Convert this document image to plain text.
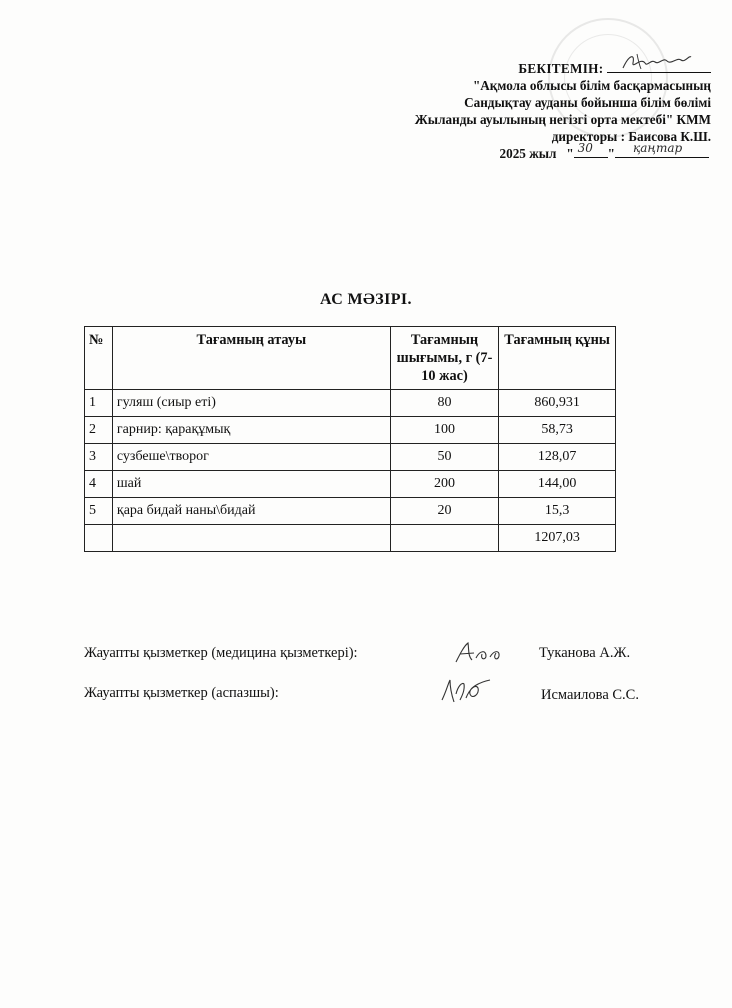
БЕКІТЕМІН:
"Ақмола облысы білім басқармасының
Сандықтау ауданы бойынша білім бөлімі
Жыланды ауылының негізгі орта мектебі" КММ
директоры : Баисова К.Ш.
2025 жыл   " 30 " қаңтар
АС МӘЗІРІ.
№	Тағамның атауы	Тағамның шығымы, г (7-10 жас)	Тағамның құны
1	гуляш (сиыр еті)	80	860,931
2	гарнир: қарақұмық	100	58,73
3	сузбеше\творог	50	128,07
4	шай	200	144,00
5	қара бидай наны\бидай	20	15,3
			1207,03
Жауапты қызметкер (медицина қызметкері):	Туканова А.Ж.
Жауапты қызметкер (аспазшы):	Исмаилова С.С.
